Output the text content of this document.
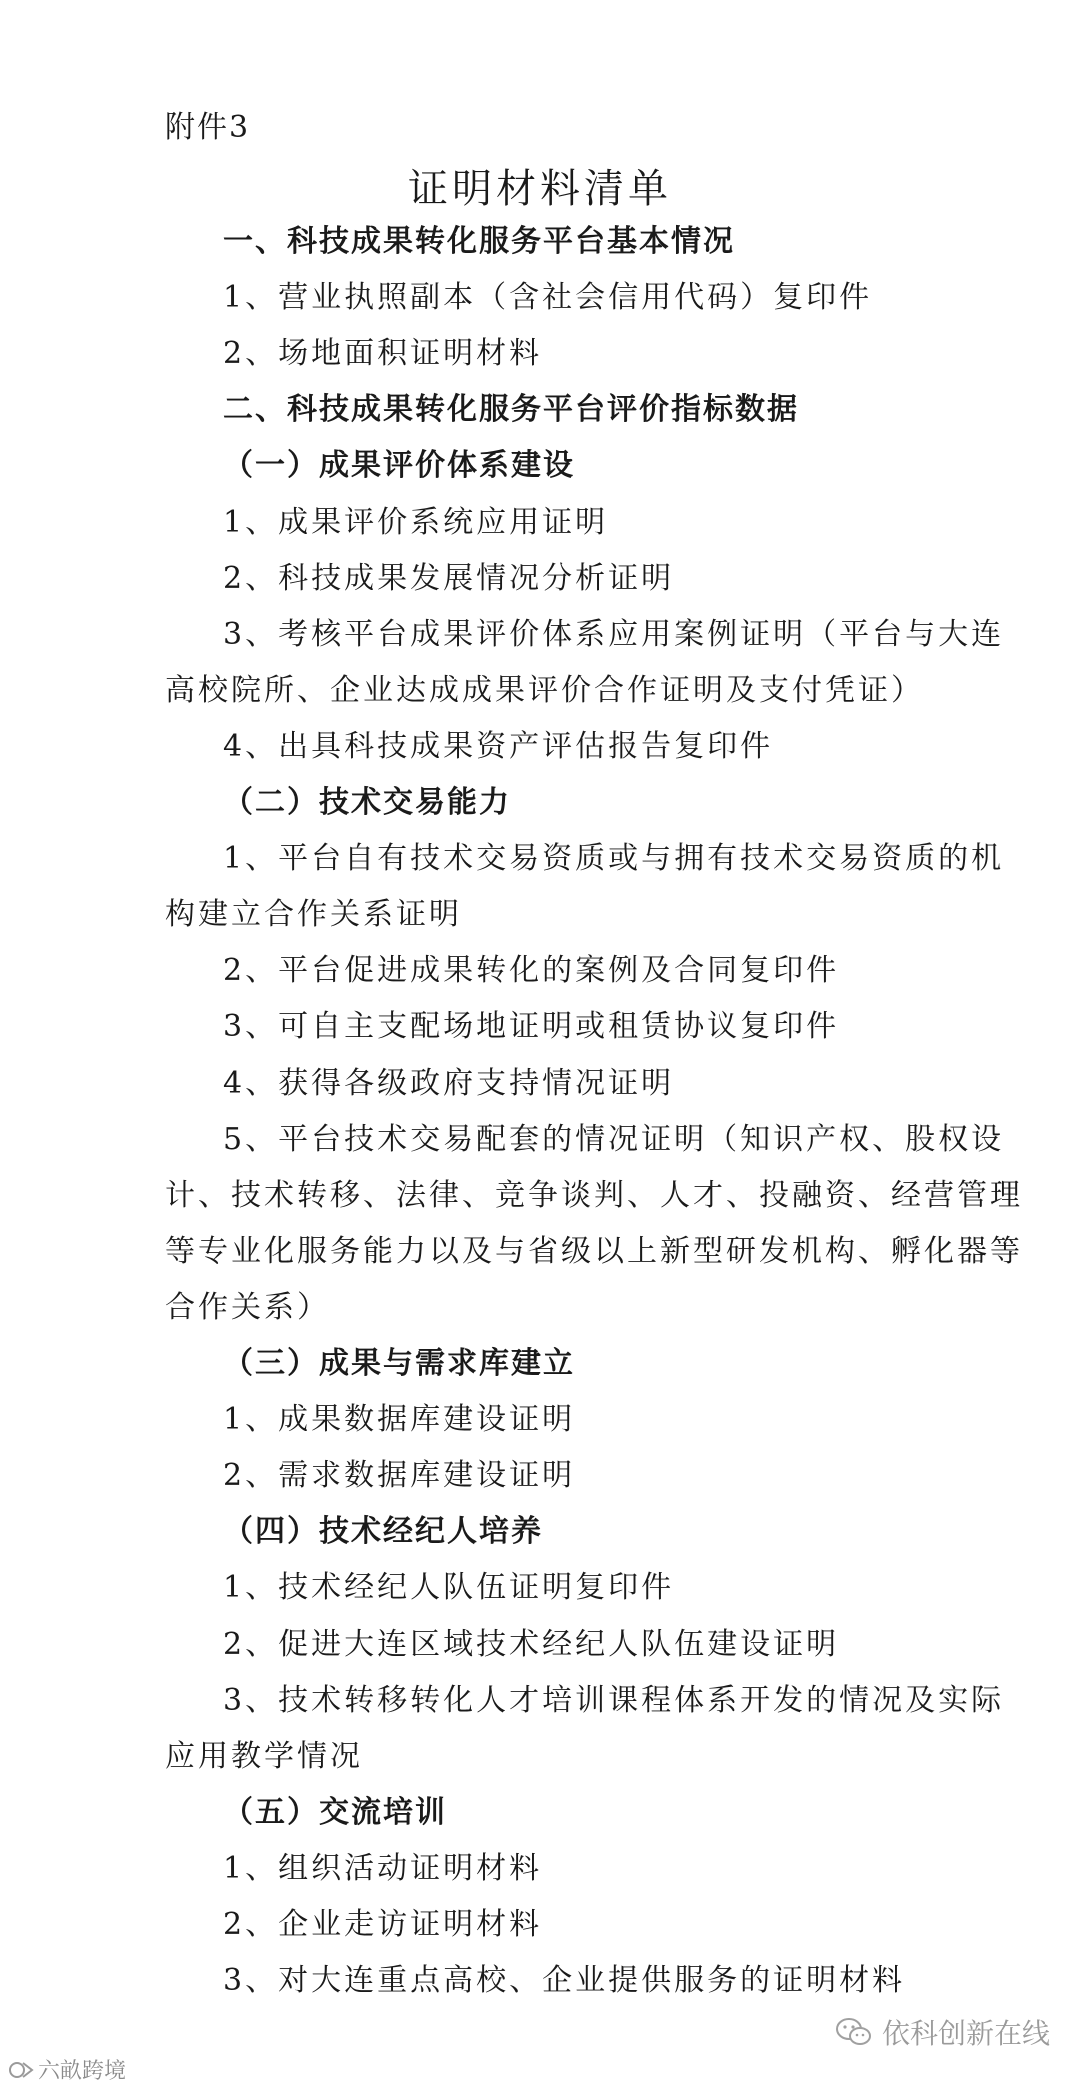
附件3
证明材料清单
一、科技成果转化服务平台基本情况
1、营业执照副本（含社会信用代码）复印件
2、场地面积证明材料
二、科技成果转化服务平台评价指标数据
（一）成果评价体系建设
1、成果评价系统应用证明
2、科技成果发展情况分析证明
3、考核平台成果评价体系应用案例证明（平台与大连
高校院所、企业达成成果评价合作证明及支付凭证）
4、出具科技成果资产评估报告复印件
（二）技术交易能力
1、平台自有技术交易资质或与拥有技术交易资质的机
构建立合作关系证明
2、平台促进成果转化的案例及合同复印件
3、可自主支配场地证明或租赁协议复印件
4、获得各级政府支持情况证明
5、平台技术交易配套的情况证明（知识产权、股权设
计、技术转移、法律、竞争谈判、人才、投融资、经营管理
等专业化服务能力以及与省级以上新型研发机构、孵化器等
合作关系）
（三）成果与需求库建立
1、成果数据库建设证明
2、需求数据库建设证明
（四）技术经纪人培养
1、技术经纪人队伍证明复印件
2、促进大连区域技术经纪人队伍建设证明
3、技术转移转化人才培训课程体系开发的情况及实际
应用教学情况
（五）交流培训
1、组织活动证明材料
2、企业走访证明材料
3、对大连重点高校、企业提供服务的证明材料
六畝跨境
依科创新在线
